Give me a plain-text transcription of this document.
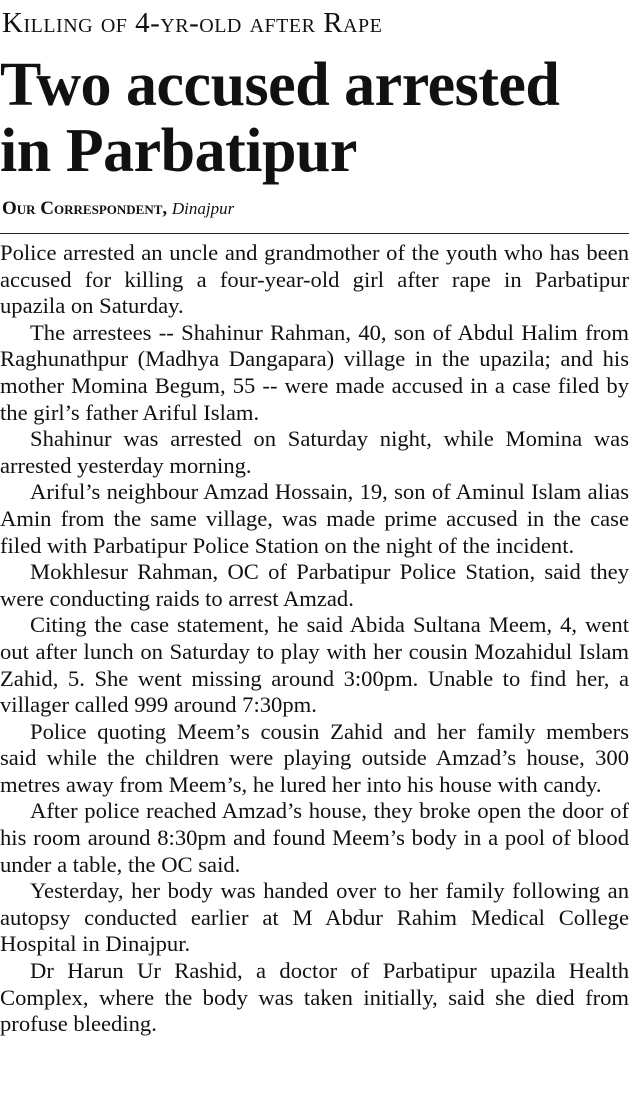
Killing of 4-yr-old after Rape
Two accused arrested
in Parbatipur
Our Correspondent, Dinajpur

Police arrested an uncle and grandmother of the youth who has been accused for killing a four-year-old girl after rape in Parbatipur upazila on Saturday.

The arrestees -- Shahinur Rahman, 40, son of Abdul Halim from Raghunathpur (Madhya Dangapara) village in the upazila; and his mother Momina Begum, 55 -- were made accused in a case filed by the girl’s father Ariful Islam.

Shahinur was arrested on Saturday night, while Momina was arrested yesterday morning.

Ariful’s neighbour Amzad Hossain, 19, son of Aminul Islam alias Amin from the same village, was made prime accused in the case filed with Parbatipur Police Station on the night of the incident.

Mokhlesur Rahman, OC of Parbatipur Police Station, said they were conducting raids to arrest Amzad.

Citing the case statement, he said Abida Sultana Meem, 4, went out after lunch on Saturday to play with her cousin Mozahidul Islam Zahid, 5. She went missing around 3:00pm. Unable to find her, a villager called 999 around 7:30pm.

Police quoting Meem’s cousin Zahid and her family members said while the children were playing outside Amzad’s house, 300 metres away from Meem’s, he lured her into his house with candy.

After police reached Amzad’s house, they broke open the door of his room around 8:30pm and found Meem’s body in a pool of blood under a table, the OC said.

Yesterday, her body was handed over to her family following an autopsy conducted earlier at M Abdur Rahim Medical College Hospital in Dinajpur.

Dr Harun Ur Rashid, a doctor of Parbatipur upazila Health Complex, where the body was taken initially, said she died from profuse bleeding.
